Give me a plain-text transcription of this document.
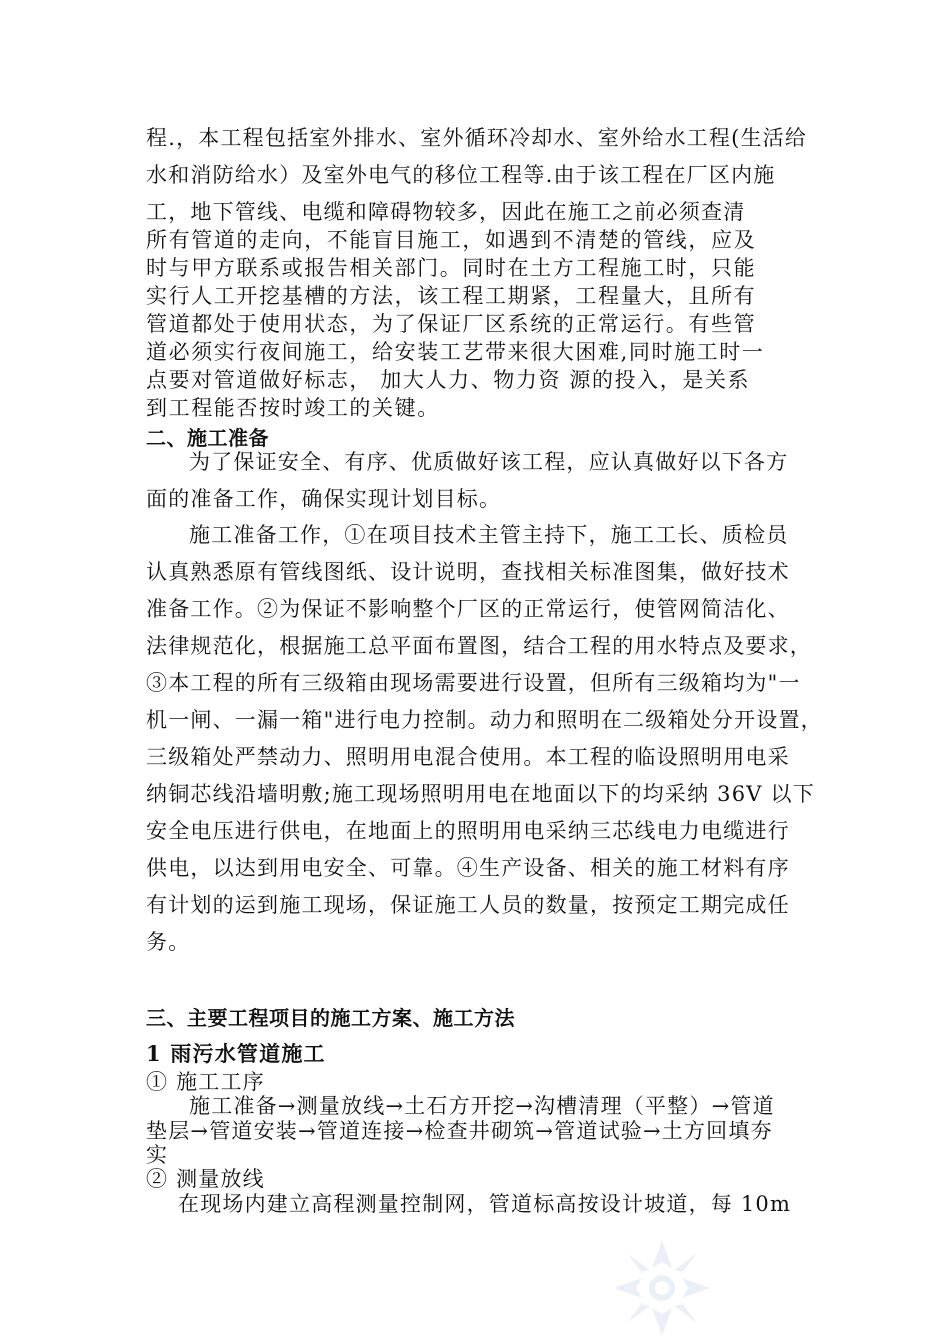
程.，本工程包括室外排水、室外循环冷却水、室外给水工程(生活给
水和消防给水）及室外电气的移位工程等.由于该工程在厂区内施
工，地下管线、电缆和障碍物较多，因此在施工之前必须查清
所有管道的走向，不能盲目施工，如遇到不清楚的管线，应及
时与甲方联系或报告相关部门。同时在土方工程施工时，只能
实行人工开挖基槽的方法，该工程工期紧，工程量大，且所有
管道都处于使用状态，为了保证厂区系统的正常运行。有些管
道必须实行夜间施工，给安装工艺带来很大困难,同时施工时一
点要对管道做好标志， 加大人力、物力资 源的投入，是关系
到工程能否按时竣工的关键。
二、施工准备
为了保证安全、有序、优质做好该工程，应认真做好以下各方
面的准备工作，确保实现计划目标。
施工准备工作，①在项目技术主管主持下，施工工长、质检员
认真熟悉原有管线图纸、设计说明，查找相关标准图集，做好技术
准备工作。②为保证不影响整个厂区的正常运行，使管网简洁化、
法律规范化，根据施工总平面布置图，结合工程的用水特点及要求，
③本工程的所有三级箱由现场需要进行设置，但所有三级箱均为"一
机一闸、一漏一箱"进行电力控制。动力和照明在二级箱处分开设置，
三级箱处严禁动力、照明用电混合使用。本工程的临设照明用电采
纳铜芯线沿墙明敷;施工现场照明用电在地面以下的均采纳 36V 以下
安全电压进行供电，在地面上的照明用电采纳三芯线电力电缆进行
供电，以达到用电安全、可靠。④生产设备、相关的施工材料有序
有计划的运到施工现场，保证施工人员的数量，按预定工期完成任
务。
三、主要工程项目的施工方案、施工方法
1 雨污水管道施工
① 施工工序
施工准备→测量放线→土石方开挖→沟槽清理（平整）→管道
垫层→管道安装→管道连接→检查井砌筑→管道试验→土方回填夯
实
② 测量放线
在现场内建立高程测量控制网，管道标高按设计坡道，每 10m
